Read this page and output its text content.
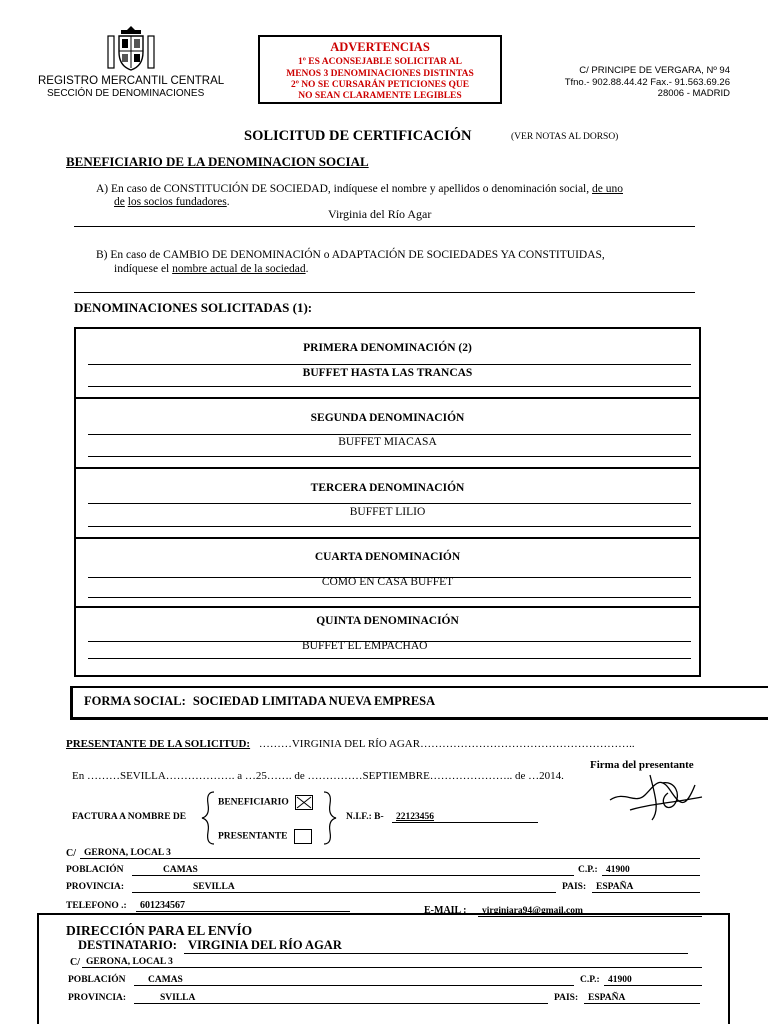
REGISTRO MERCANTIL CENTRAL
SECCIÓN DE DENOMINACIONES
ADVERTENCIAS
1º ES ACONSEJABLE SOLICITAR AL
MENOS 3 DENOMINACIONES DISTINTAS
2º NO SE CURSARÁN PETICIONES QUE
NO SEAN CLARAMENTE LEGIBLES
C/ PRINCIPE DE VERGARA, Nº 94
Tfno.- 902.88.44.42 Fax.- 91.563.69.26
28006 - MADRID
SOLICITUD DE CERTIFICACIÓN	(VER NOTAS AL DORSO)
BENEFICIARIO DE LA DENOMINACION SOCIAL
A) En caso de CONSTITUCIÓN DE SOCIEDAD, indíquese el nombre y apellidos o denominación social, de uno
de los socios fundadores.
Virginia del Río Agar
B) En caso de CAMBIO DE DENOMINACIÓN o ADAPTACIÓN DE SOCIEDADES YA CONSTITUIDAS,
indíquese el nombre actual de la sociedad.
DENOMINACIONES SOLICITADAS (1):
PRIMERA DENOMINACIÓN (2)
BUFFET HASTA LAS TRANCAS
SEGUNDA DENOMINACIÓN
BUFFET MIACASA
TERCERA DENOMINACIÓN
BUFFET LILIO
CUARTA DENOMINACIÓN
COMO EN CASA BUFFET
QUINTA DENOMINACIÓN
BUFFET EL EMPACHAO
FORMA SOCIAL: SOCIEDAD LIMITADA NUEVA EMPRESA
PRESENTANTE DE LA SOLICITUD: ………VIRGINIA DEL RÍO AGAR…………………………………………………..
Firma del presentante
En ………SEVILLA………………. a …25……. de ……………SEPTIEMBRE………………….. de …2014.
FACTURA A NOMBRE DE
BENEFICIARIO
PRESENTANTE
N.I.F.: B- 22123456
C/ GERONA, LOCAL 3
POBLACIÓN	CAMAS	C.P.: 41900
PROVINCIA:	SEVILLA	PAIS: ESPAÑA
TELEFONO .: 601234567	E-MAIL : virginiara94@gmail.com
DIRECCIÓN PARA EL ENVÍO
DESTINATARIO: VIRGINIA DEL RÍO AGAR
C/ GERONA, LOCAL 3
POBLACIÓN CAMAS	C.P.: 41900
PROVINCIA:	SVILLA	PAIS: ESPAÑA
